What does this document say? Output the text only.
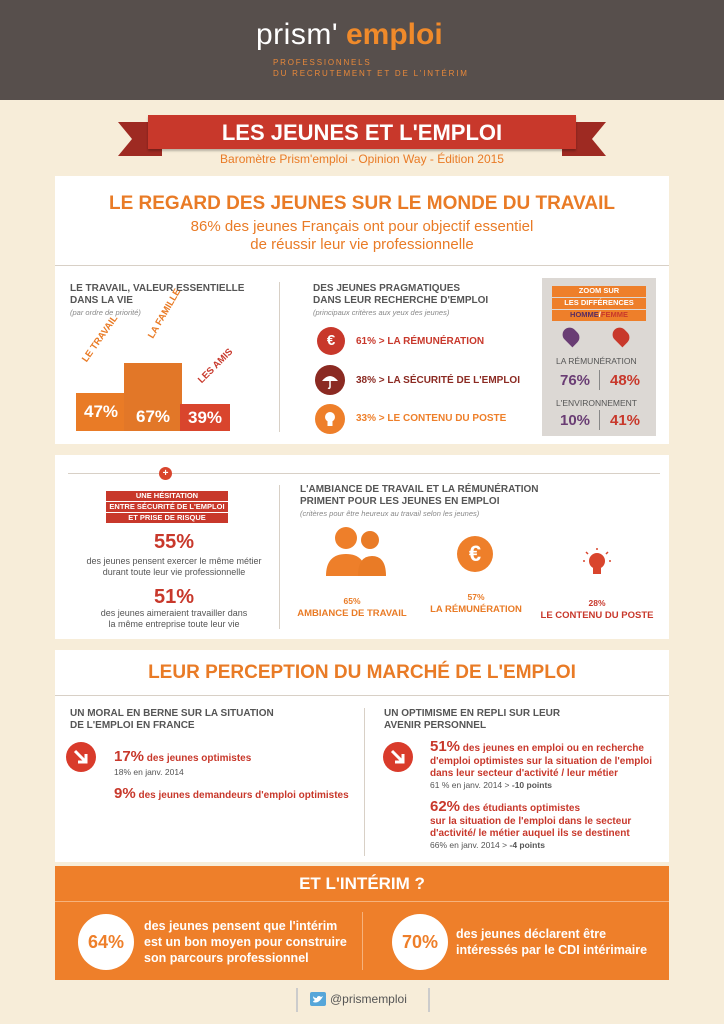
prism' emploi
PROFESSIONNELS
DU RECRUTEMENT ET DE L'INTÉRIM
LES JEUNES ET L'EMPLOI
Baromètre Prism'emploi - Opinion Way - Édition 2015
LE REGARD DES JEUNES SUR LE MONDE DU TRAVAIL
86% des jeunes Français ont pour objectif essentiel
de réussir leur vie professionnelle
LE TRAVAIL, VALEUR ESSENTIELLE
DANS LA VIE
(par ordre de priorité)
47%	67%	39%
LE TRAVAIL	LA FAMILLE
LES AMIS
DES JEUNES PRAGMATIQUES
DANS LEUR RECHERCHE D'EMPLOI
(principaux critères aux yeux des jeunes)
€	61% > LA RÉMUNÉRATION
38% > LA SÉCURITÉ DE L'EMPLOI
33% > LE CONTENU DU POSTE
ZOOM SUR
LES DIFFÉRENCES
HOMME/FEMME
LA RÉMUNÉRATION
76% 48%
L'ENVIRONNEMENT
10% 41%
+
UNE HÉSITATION
ENTRE SÉCURITÉ DE L'EMPLOI
ET PRISE DE RISQUE
55%
des jeunes pensent exercer le même métier
durant toute leur vie professionnelle
51%
des jeunes aimeraient travailler dans
la même entreprise toute leur vie
L'AMBIANCE DE TRAVAIL ET LA RÉMUNÉRATION
PRIMENT POUR LES JEUNES EN EMPLOI
(critères pour être heureux au travail selon les jeunes)
€
65%
AMBIANCE DE TRAVAIL
57%
LA RÉMUNÉRATION
28%
LE CONTENU DU POSTE
LEUR PERCEPTION DU MARCHÉ DE L'EMPLOI
UN MORAL EN BERNE SUR LA SITUATION
DE L'EMPLOI EN FRANCE
17% des jeunes optimistes
18% en janv. 2014
9% des jeunes demandeurs d'emploi optimistes
UN OPTIMISME EN REPLI SUR LEUR
AVENIR PERSONNEL
51% des jeunes en emploi ou en recherche
d'emploi optimistes sur la situation de l'emploi
dans leur secteur d'activité / leur métier
61 % en janv. 2014 > -10 points
62% des étudiants optimistes
sur la situation de l'emploi dans le secteur
d'activité/ le métier auquel ils se destinent
66% en janv. 2014 > -4 points
ET L'INTÉRIM ?
64%
des jeunes pensent que l'intérim
est un bon moyen pour construire
son parcours professionnel
70%	des jeunes déclarent être
intéressés par le CDI intérimaire
@prismemploi
